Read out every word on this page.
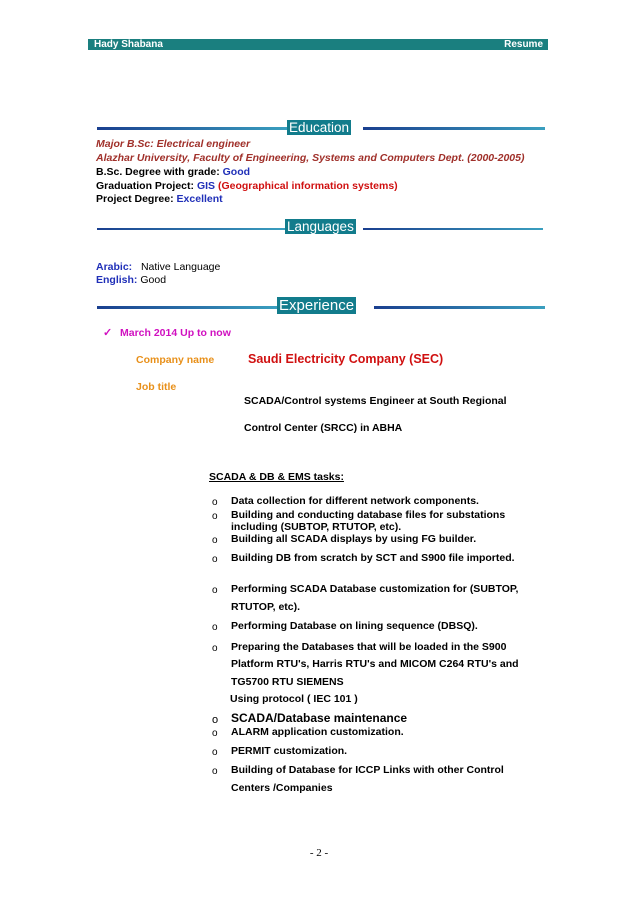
Hady Shabana	Resume
Education
Major B.Sc: Electrical engineer
Alazhar University, Faculty of Engineering, Systems and Computers Dept. (2000-2005)
B.Sc. Degree with grade: Good
Graduation Project: GIS (Geographical information systems)
Project Degree: Excellent
Languages
Arabic: Native Language
English: Good
Experience
✓ March 2014 Up to now
Company name	Saudi Electricity Company (SEC)
Job title
SCADA/Control systems Engineer at South Regional
Control Center (SRCC) in ABHA
SCADA & DB & EMS tasks:
o Data collection for different network components.
o Building and conducting database files for substations
including (SUBTOP, RTUTOP, etc).
o Building all SCADA displays by using FG builder.
o Building DB from scratch by SCT and S900 file imported.
o Performing SCADA Database customization for (SUBTOP,
RTUTOP, etc).
o Performing Database on lining sequence (DBSQ).
o Preparing the Databases that will be loaded in the S900
Platform RTU's, Harris RTU's and MICOM C264 RTU's and
TG5700 RTU SIEMENS
Using protocol ( IEC 101 )
o SCADA/Database maintenance
o ALARM application customization.
o PERMIT customization.
o Building of Database for ICCP Links with other Control
Centers /Companies
- 2 -
